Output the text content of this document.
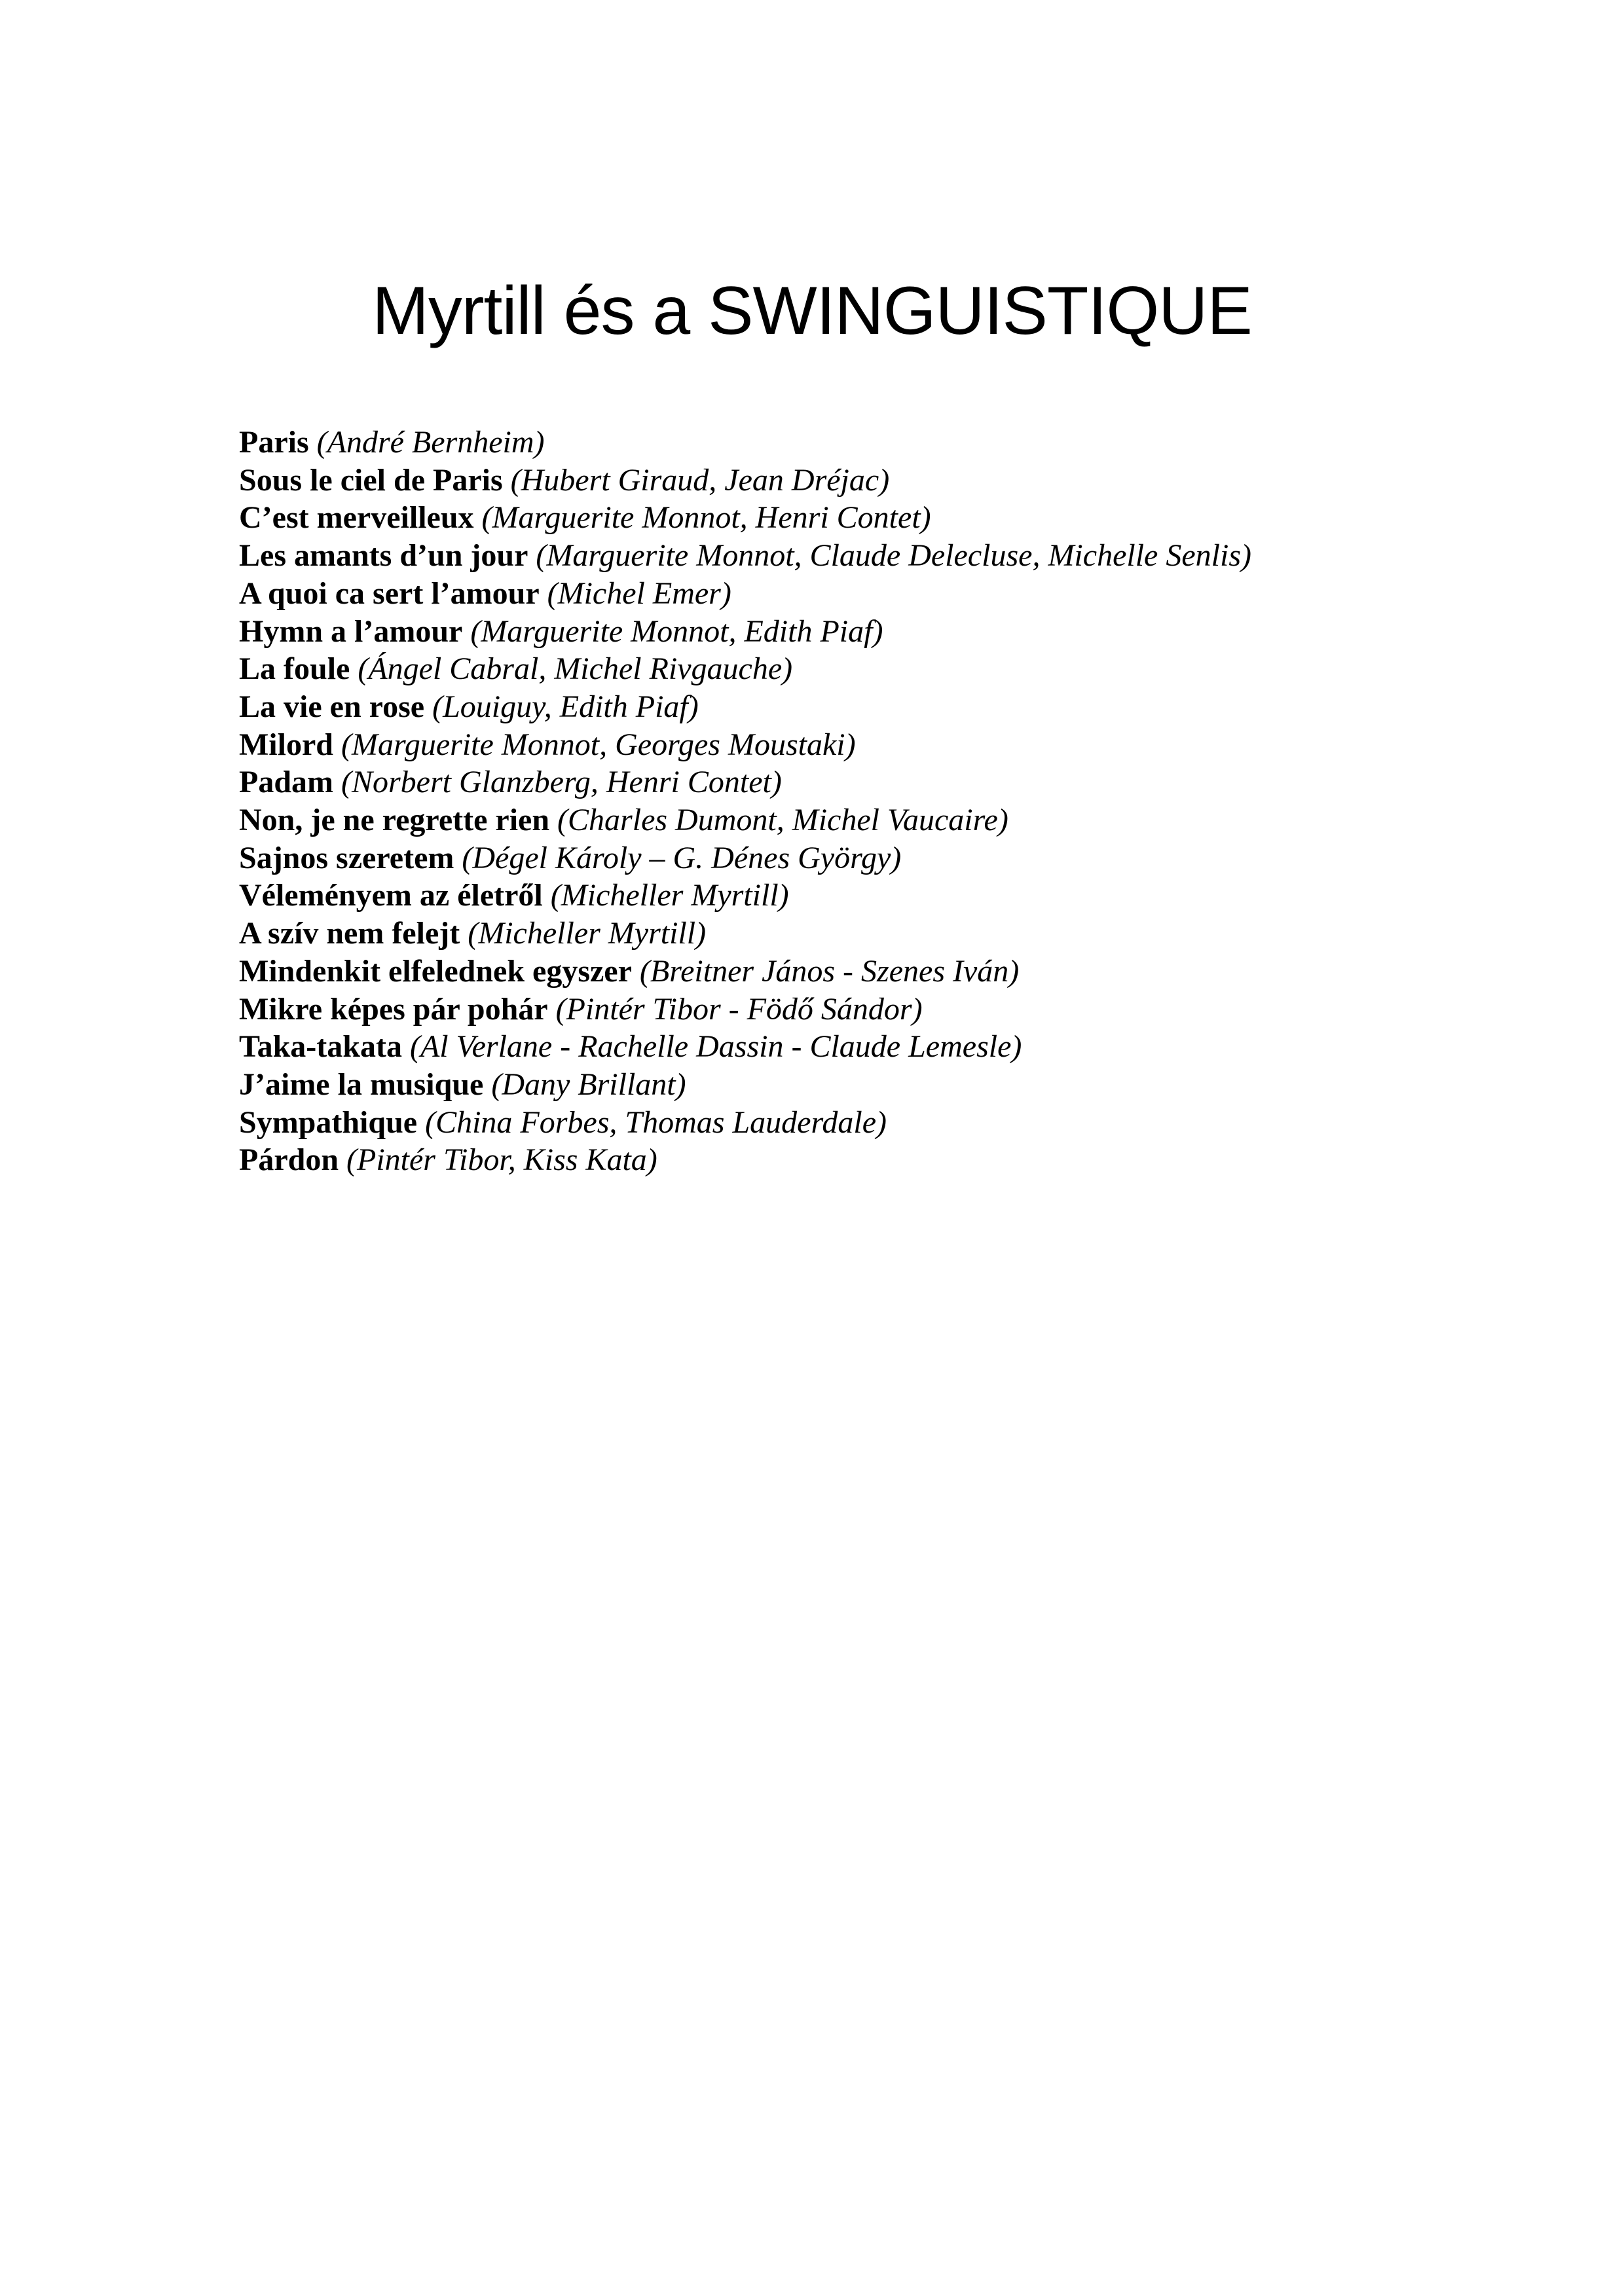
Myrtill és a SWINGUISTIQUE
Paris (André Bernheim)
Sous le ciel de Paris (Hubert Giraud, Jean Dréjac)
C’est merveilleux (Marguerite Monnot, Henri Contet)
Les amants d’un jour (Marguerite Monnot, Claude Delecluse, Michelle Senlis)
A quoi ca sert l’amour (Michel Emer)
Hymn a l’amour (Marguerite Monnot, Edith Piaf)
La foule (Ángel Cabral, Michel Rivgauche)
La vie en rose (Louiguy, Edith Piaf)
Milord (Marguerite Monnot, Georges Moustaki)
Padam (Norbert Glanzberg, Henri Contet)
Non, je ne regrette rien (Charles Dumont, Michel Vaucaire)
Sajnos szeretem (Dégel Károly – G. Dénes György)
Véleményem az életről (Micheller Myrtill)
A szív nem felejt (Micheller Myrtill)
Mindenkit elfelednek egyszer (Breitner János - Szenes Iván)
Mikre képes pár pohár (Pintér Tibor - Födő Sándor)
Taka-takata (Al Verlane - Rachelle Dassin - Claude Lemesle)
J’aime la musique (Dany Brillant)
Sympathique (China Forbes, Thomas Lauderdale)
Párdon (Pintér Tibor, Kiss Kata)
